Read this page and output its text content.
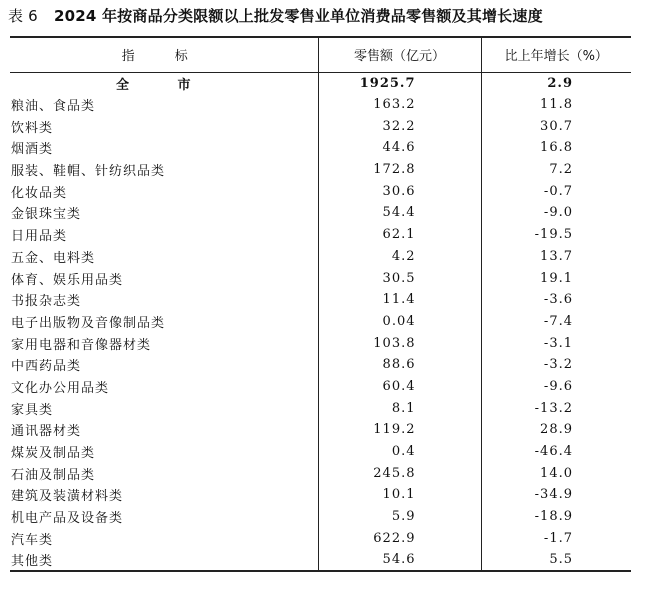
表 6 2024 年按商品分类限额以上批发零售业单位消费品零售额及其增长速度
指 标	零售额（亿元）	比上年增长（%）
全 市	1925.7	2.9
粮油、食品类	163.2	11.8
饮料类	32.2	30.7
烟酒类	44.6	16.8
服装、鞋帽、针纺织品类	172.8	7.2
化妆品类	30.6	-0.7
金银珠宝类	54.4	-9.0
日用品类	62.1	-19.5
五金、电料类	4.2	13.7
体育、娱乐用品类	30.5	19.1
书报杂志类	11.4	-3.6
电子出版物及音像制品类	0.04	-7.4
家用电器和音像器材类	103.8	-3.1
中西药品类	88.6	-3.2
文化办公用品类	60.4	-9.6
家具类	8.1	-13.2
通讯器材类	119.2	28.9
煤炭及制品类	0.4	-46.4
石油及制品类	245.8	14.0
建筑及装潢材料类	10.1	-34.9
机电产品及设备类	5.9	-18.9
汽车类	622.9	-1.7
其他类	54.6	5.5
